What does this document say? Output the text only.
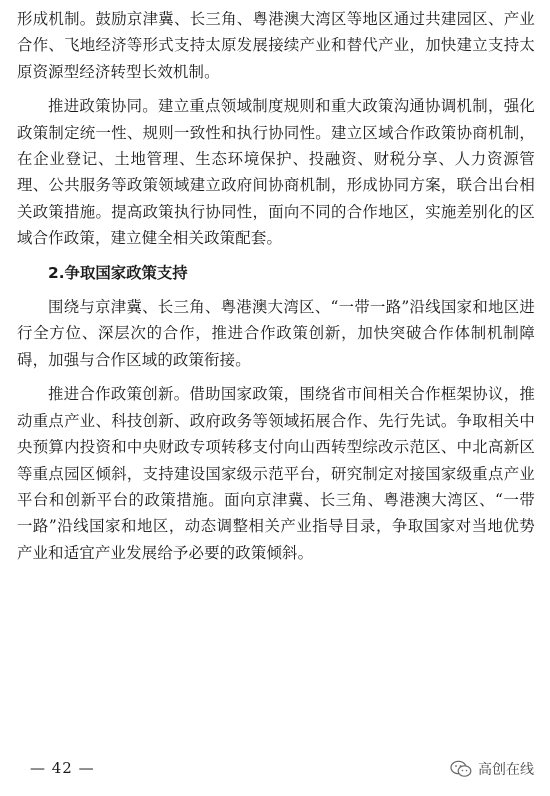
形成机制。鼓励京津冀、长三角、粤港澳大湾区等地区通过共建园区、产业合作、飞地经济等形式支持太原发展接续产业和替代产业，加快建立支持太原资源型经济转型长效机制。

推进政策协同。建立重点领域制度规则和重大政策沟通协调机制，强化政策制定统一性、规则一致性和执行协同性。建立区域合作政策协商机制，在企业登记、土地管理、生态环境保护、投融资、财税分享、人力资源管理、公共服务等政策领域建立政府间协商机制，形成协同方案，联合出台相关政策措施。提高政策执行协同性，面向不同的合作地区，实施差别化的区域合作政策，建立健全相关政策配套。

2.争取国家政策支持

围绕与京津冀、长三角、粤港澳大湾区、“一带一路”沿线国家和地区进行全方位、深层次的合作，推进合作政策创新，加快突破合作体制机制障碍，加强与合作区域的政策衔接。

推进合作政策创新。借助国家政策，围绕省市间相关合作框架协议，推动重点产业、科技创新、政府政务等领域拓展合作、先行先试。争取相关中央预算内投资和中央财政专项转移支付向山西转型综改示范区、中北高新区等重点园区倾斜，支持建设国家级示范平台，研究制定对接国家级重点产业平台和创新平台的政策措施。面向京津冀、长三角、粤港澳大湾区、“一带一路”沿线国家和地区，动态调整相关产业指导目录，争取国家对当地优势产业和适宜产业发展给予必要的政策倾斜。

— 42 —	高创在线
